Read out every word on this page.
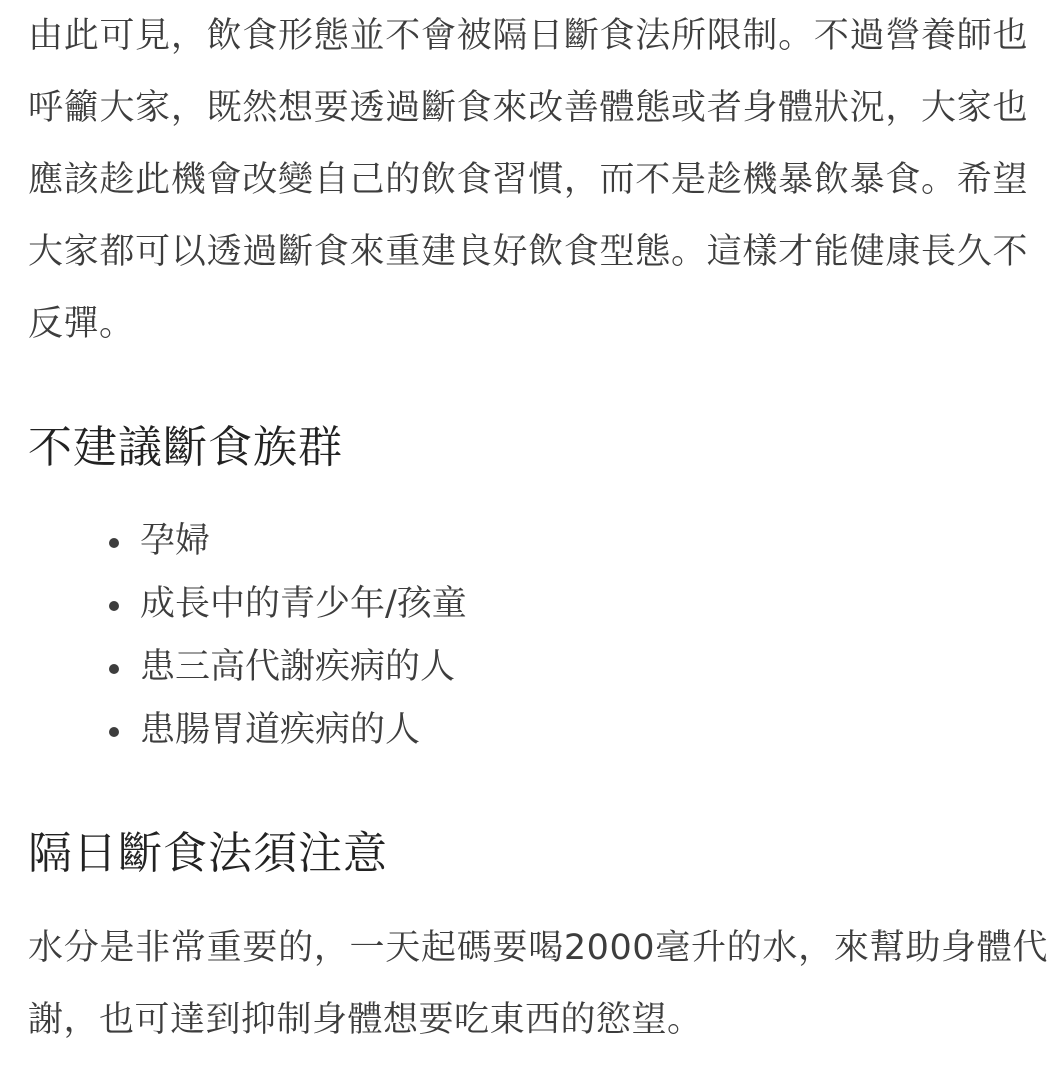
由此可見，飲食形態並不會被隔日斷食法所限制。不過營養師也呼籲大家，既然想要透過斷食來改善體態或者身體狀況，大家也應該趁此機會改變自己的飲食習慣，而不是趁機暴飲暴食。希望大家都可以透過斷食來重建良好飲食型態。這樣才能健康長久不反彈。

不建議斷食族群
孕婦
成長中的青少年/孩童
患三高代謝疾病的人
患腸胃道疾病的人
隔日斷食法須注意

水分是非常重要的，一天起碼要喝2000毫升的水，來幫助身體代謝，也可達到抑制身體想要吃東西的慾望。
